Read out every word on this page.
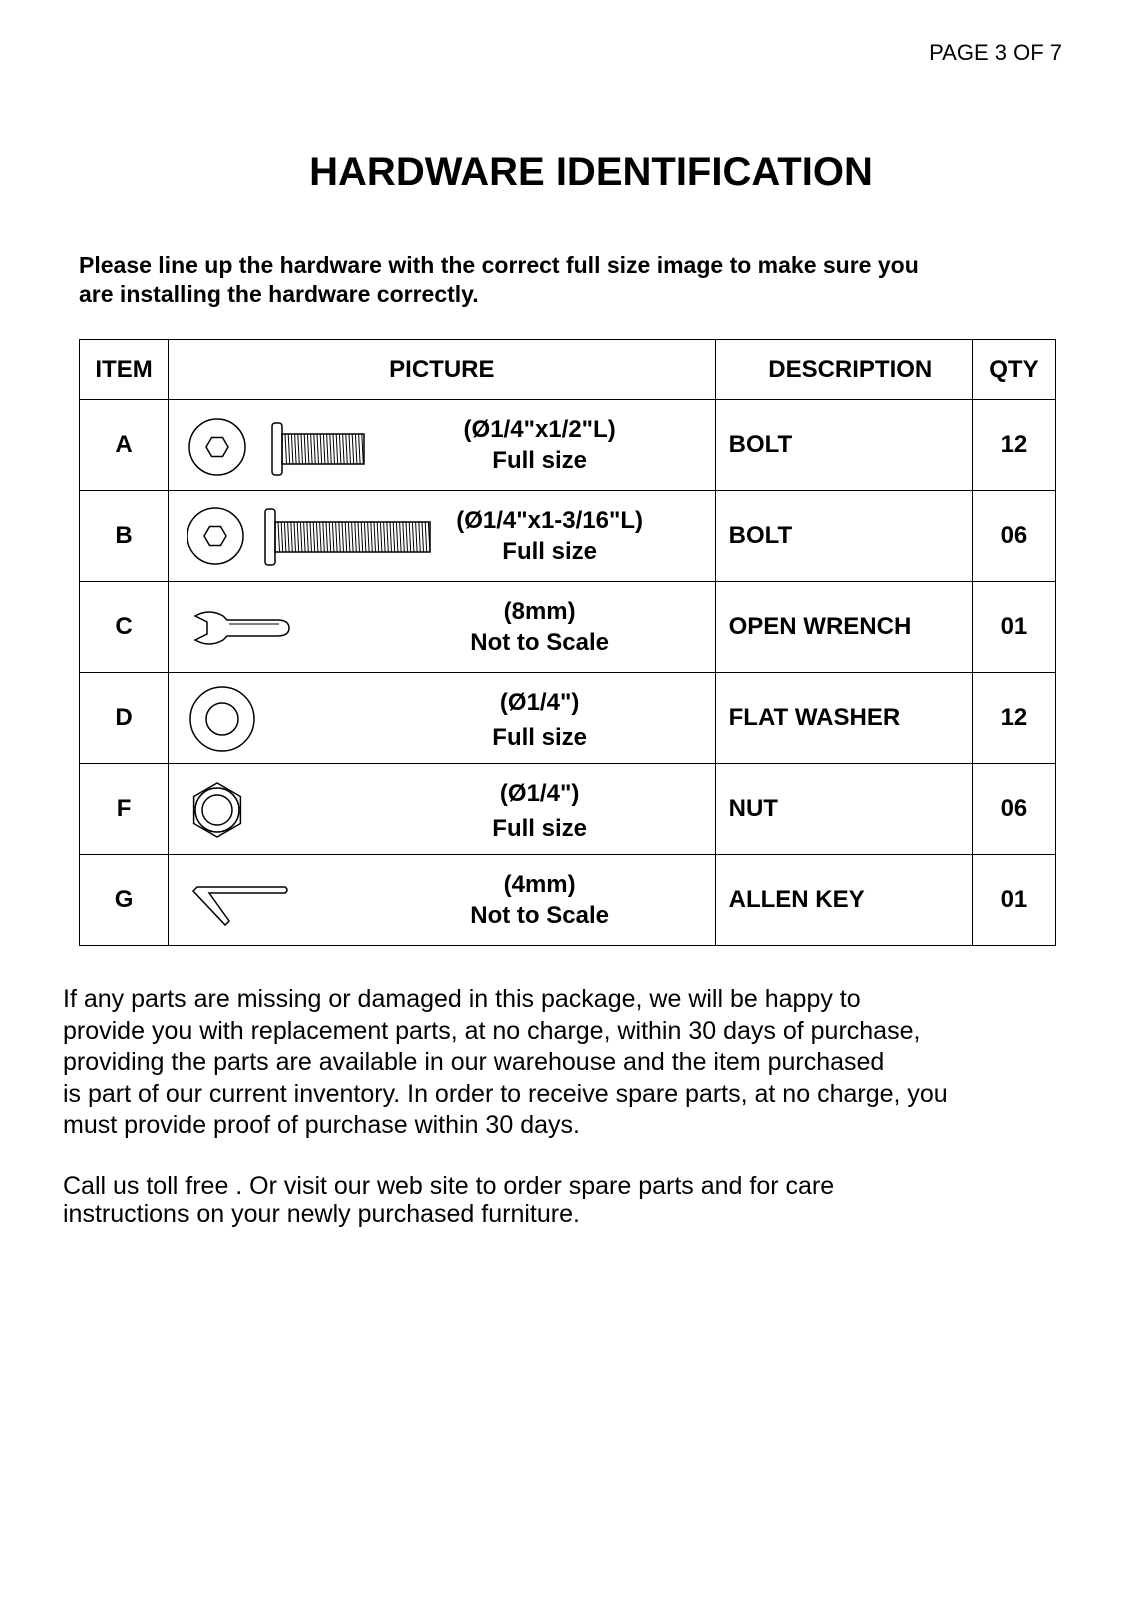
PAGE 3 OF 7
HARDWARE IDENTIFICATION
Please line up the hardware with the correct full size image to make sure you
are installing the hardware correctly.
ITEM	PICTURE	DESCRIPTION	QTY
A	(Ø1/4"x1/2"L)
Full size	BOLT	12
B	(Ø1/4"x1-3/16"L)
Full size	BOLT	06
C	(8mm)
Not to Scale	OPEN WRENCH	01
D	(Ø1/4")
Full size	FLAT WASHER	12
F	(Ø1/4")
Full size	NUT	06
G	(4mm)
Not to Scale	ALLEN KEY	01
If any parts are missing or damaged in this package, we will be happy to
provide you with replacement parts, at no charge, within 30 days of purchase,
providing the parts are available in our warehouse and the item purchased
is part of our current inventory. In order to receive spare parts, at no charge, you
must provide proof of purchase within 30 days.
Call us toll free . Or visit our web site to order spare parts and for care
instructions on your newly purchased furniture.
